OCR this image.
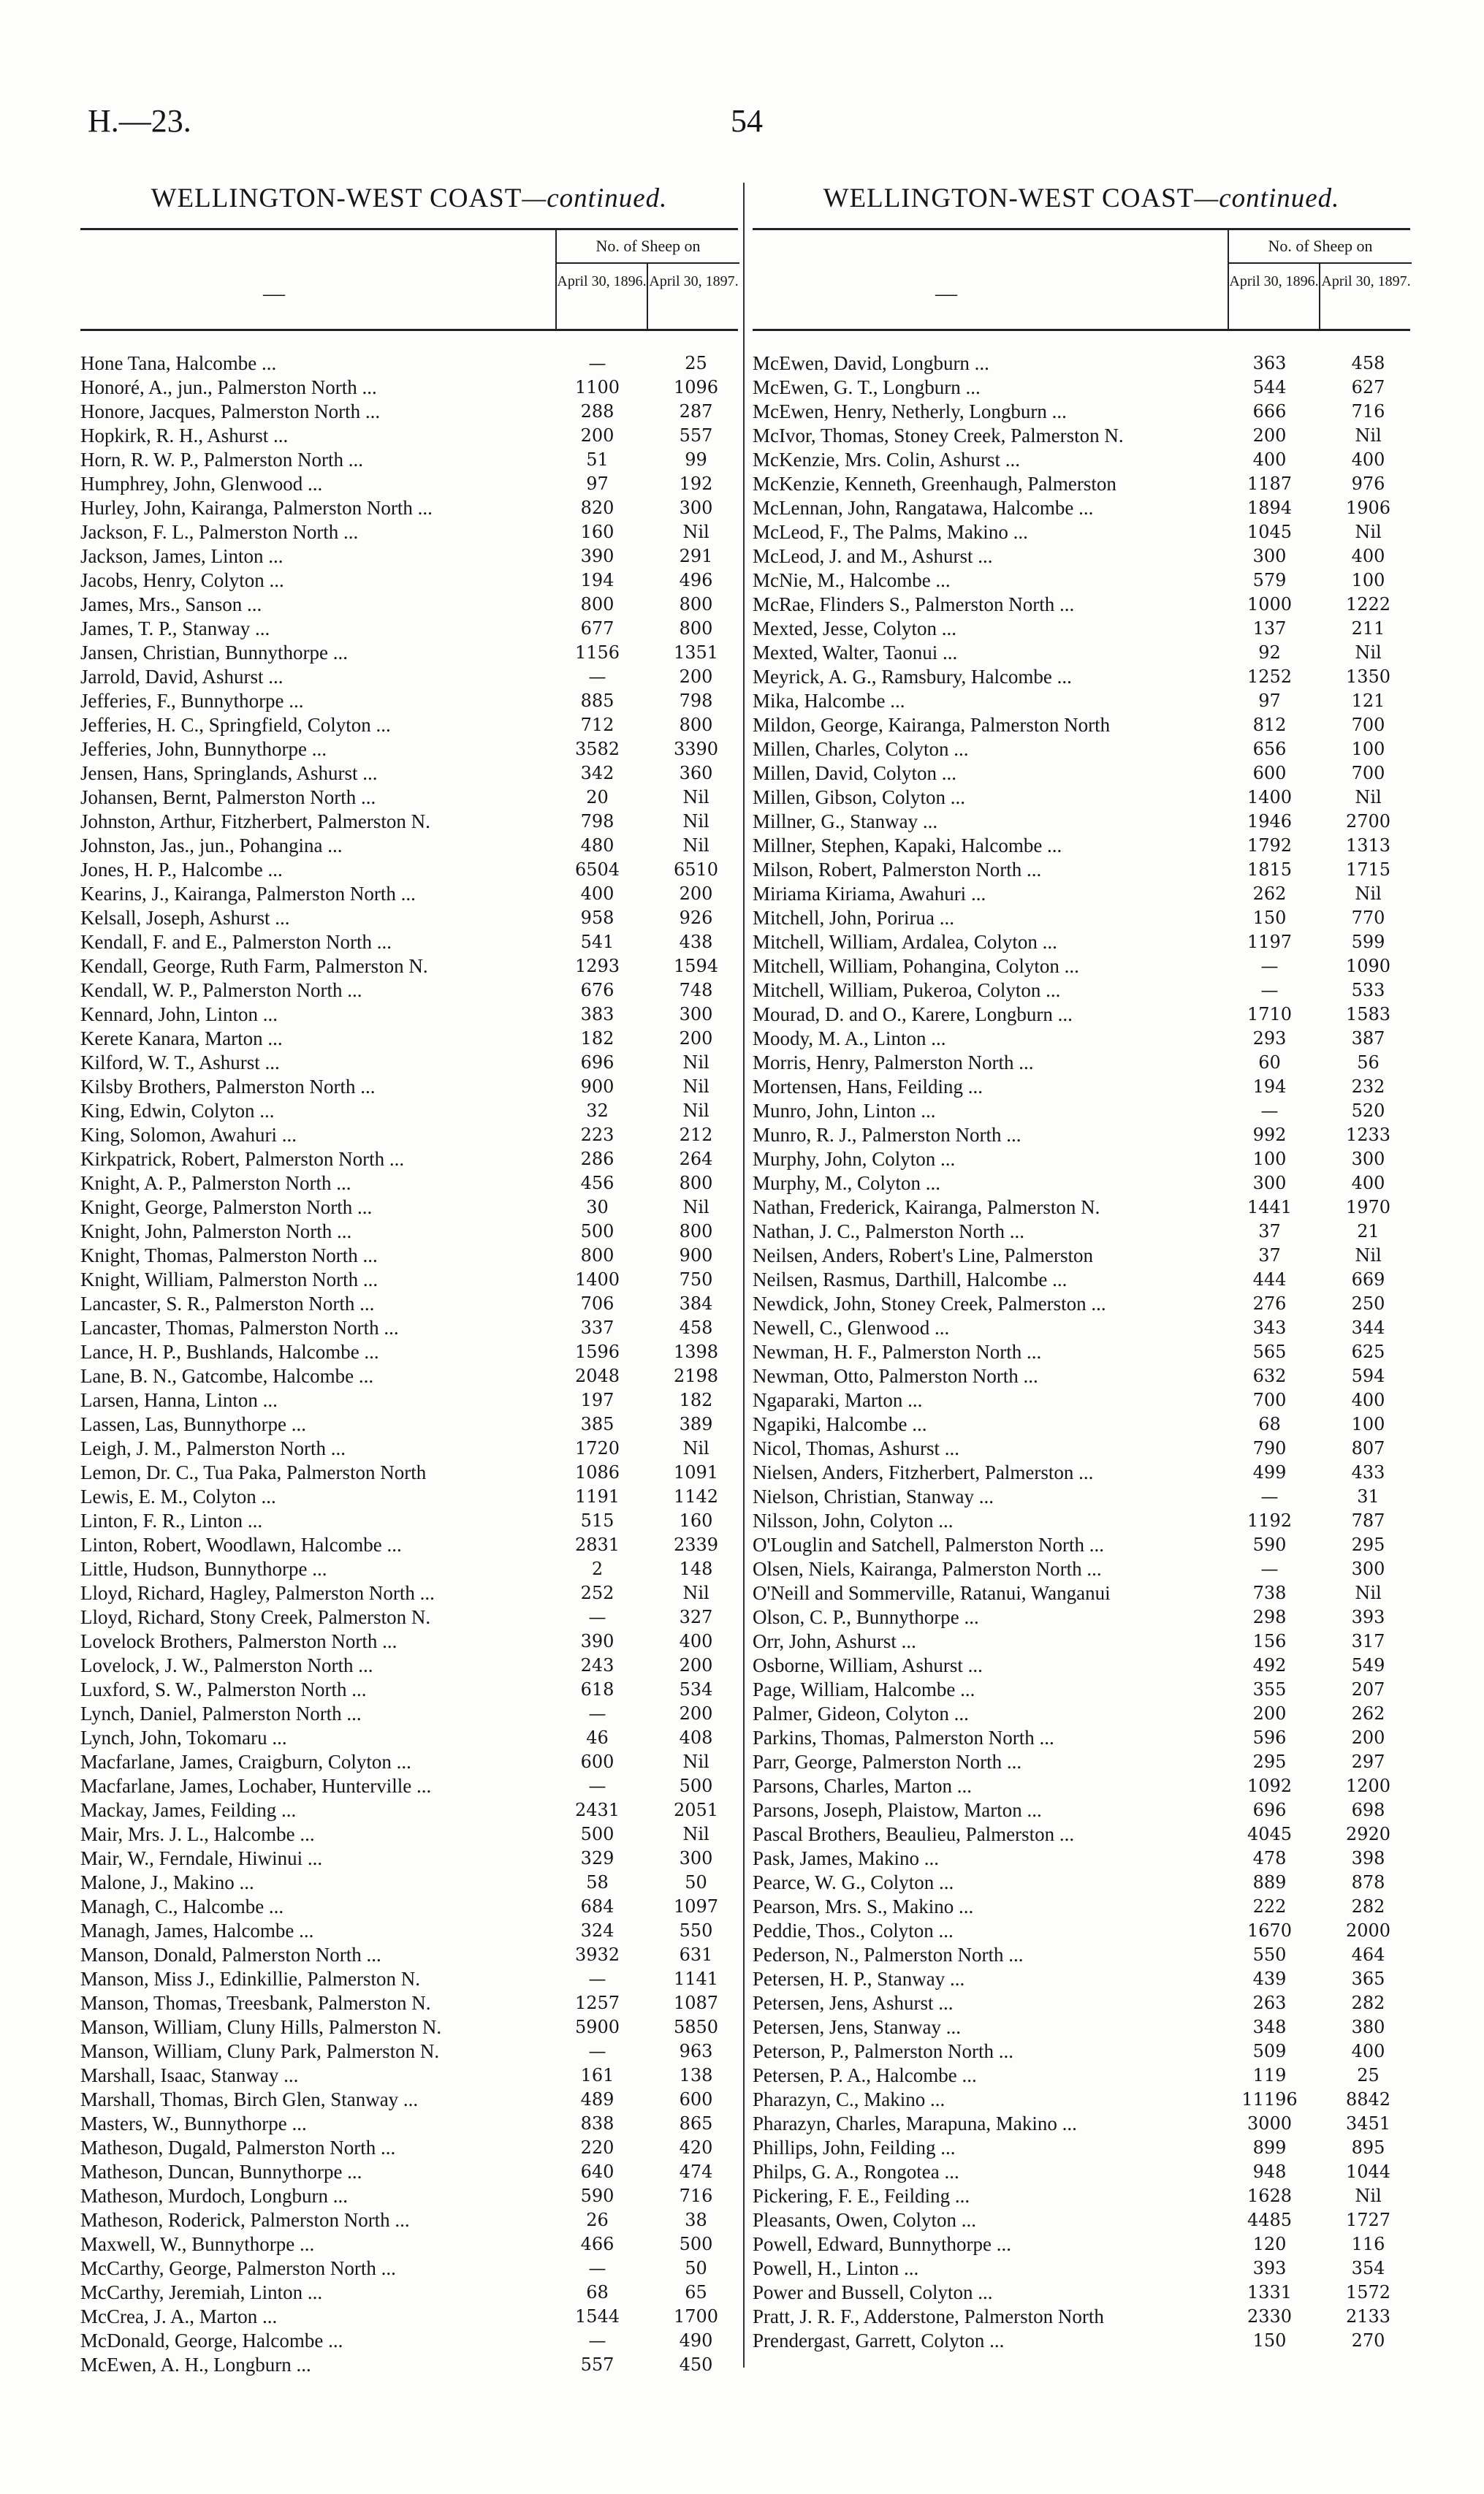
H.—23.	54
WELLINGTON-WEST COAST—continued.
—
No. of Sheep on
April 30, 1896. April 30, 1897.
Hone Tana, Halcombe ...	—	25
Honoré, A., jun., Palmerston North ...	1100	1096
Honore, Jacques, Palmerston North ...	288	287
Hopkirk, R. H., Ashurst ...	200	557
Horn, R. W. P., Palmerston North ...	51	99
Humphrey, John, Glenwood ...	97	192
Hurley, John, Kairanga, Palmerston North ...	820	300
Jackson, F. L., Palmerston North ...	160	Nil
Jackson, James, Linton ...	390	291
Jacobs, Henry, Colyton ...	194	496
James, Mrs., Sanson ...	800	800
James, T. P., Stanway ...	677	800
Jansen, Christian, Bunnythorpe ...	1156	1351
Jarrold, David, Ashurst ...	—	200
Jefferies, F., Bunnythorpe ...	885	798
Jefferies, H. C., Springfield, Colyton ...	712	800
Jefferies, John, Bunnythorpe ...	3582	3390
Jensen, Hans, Springlands, Ashurst ...	342	360
Johansen, Bernt, Palmerston North ...	20	Nil
Johnston, Arthur, Fitzherbert, Palmerston N.	798	Nil
Johnston, Jas., jun., Pohangina ...	480	Nil
Jones, H. P., Halcombe ...	6504	6510
Kearins, J., Kairanga, Palmerston North ...	400	200
Kelsall, Joseph, Ashurst ...	958	926
Kendall, F. and E., Palmerston North ...	541	438
Kendall, George, Ruth Farm, Palmerston N.	1293	1594
Kendall, W. P., Palmerston North ...	676	748
Kennard, John, Linton ...	383	300
Kerete Kanara, Marton ...	182	200
Kilford, W. T., Ashurst ...	696	Nil
Kilsby Brothers, Palmerston North ...	900	Nil
King, Edwin, Colyton ...	32	Nil
King, Solomon, Awahuri ...	223	212
Kirkpatrick, Robert, Palmerston North ...	286	264
Knight, A. P., Palmerston North ...	456	800
Knight, George, Palmerston North ...	30	Nil
Knight, John, Palmerston North ...	500	800
Knight, Thomas, Palmerston North ...	800	900
Knight, William, Palmerston North ...	1400	750
Lancaster, S. R., Palmerston North ...	706	384
Lancaster, Thomas, Palmerston North ...	337	458
Lance, H. P., Bushlands, Halcombe ...	1596	1398
Lane, B. N., Gatcombe, Halcombe ...	2048	2198
Larsen, Hanna, Linton ...	197	182
Lassen, Las, Bunnythorpe ...	385	389
Leigh, J. M., Palmerston North ...	1720	Nil
Lemon, Dr. C., Tua Paka, Palmerston North	1086	1091
Lewis, E. M., Colyton ...	1191	1142
Linton, F. R., Linton ...	515	160
Linton, Robert, Woodlawn, Halcombe ...	2831	2339
Little, Hudson, Bunnythorpe ...	2	148
Lloyd, Richard, Hagley, Palmerston North ...	252	Nil
Lloyd, Richard, Stony Creek, Palmerston N.	—	327
Lovelock Brothers, Palmerston North ...	390	400
Lovelock, J. W., Palmerston North ...	243	200
Luxford, S. W., Palmerston North ...	618	534
Lynch, Daniel, Palmerston North ...	—	200
Lynch, John, Tokomaru ...	46	408
Macfarlane, James, Craigburn, Colyton ...	600	Nil
Macfarlane, James, Lochaber, Hunterville ...	—	500
Mackay, James, Feilding ...	2431	2051
Mair, Mrs. J. L., Halcombe ...	500	Nil
Mair, W., Ferndale, Hiwinui ...	329	300
Malone, J., Makino ...	58	50
Managh, C., Halcombe ...	684	1097
Managh, James, Halcombe ...	324	550
Manson, Donald, Palmerston North ...	3932	631
Manson, Miss J., Edinkillie, Palmerston N.	—	1141
Manson, Thomas, Treesbank, Palmerston N.	1257	1087
Manson, William, Cluny Hills, Palmerston N.	5900	5850
Manson, William, Cluny Park, Palmerston N.	—	963
Marshall, Isaac, Stanway ...	161	138
Marshall, Thomas, Birch Glen, Stanway ...	489	600
Masters, W., Bunnythorpe ...	838	865
Matheson, Dugald, Palmerston North ...	220	420
Matheson, Duncan, Bunnythorpe ...	640	474
Matheson, Murdoch, Longburn ...	590	716
Matheson, Roderick, Palmerston North ...	26	38
Maxwell, W., Bunnythorpe ...	466	500
McCarthy, George, Palmerston North ...	—	50
McCarthy, Jeremiah, Linton ...	68	65
McCrea, J. A., Marton ...	1544	1700
McDonald, George, Halcombe ...	—	490
McEwen, A. H., Longburn ...	557	450
WELLINGTON-WEST COAST—continued.
—
No. of Sheep on
April 30, 1896. April 30, 1897.
McEwen, David, Longburn ...	363	458
McEwen, G. T., Longburn ...	544	627
McEwen, Henry, Netherly, Longburn ...	666	716
McIvor, Thomas, Stoney Creek, Palmerston N.	200	Nil
McKenzie, Mrs. Colin, Ashurst ...	400	400
McKenzie, Kenneth, Greenhaugh, Palmerston	1187	976
McLennan, John, Rangatawa, Halcombe ...	1894	1906
McLeod, F., The Palms, Makino ...	1045	Nil
McLeod, J. and M., Ashurst ...	300	400
McNie, M., Halcombe ...	579	100
McRae, Flinders S., Palmerston North ...	1000	1222
Mexted, Jesse, Colyton ...	137	211
Mexted, Walter, Taonui ...	92	Nil
Meyrick, A. G., Ramsbury, Halcombe ...	1252	1350
Mika, Halcombe ...	97	121
Mildon, George, Kairanga, Palmerston North	812	700
Millen, Charles, Colyton ...	656	100
Millen, David, Colyton ...	600	700
Millen, Gibson, Colyton ...	1400	Nil
Millner, G., Stanway ...	1946	2700
Millner, Stephen, Kapaki, Halcombe ...	1792	1313
Milson, Robert, Palmerston North ...	1815	1715
Miriama Kiriama, Awahuri ...	262	Nil
Mitchell, John, Porirua ...	150	770
Mitchell, William, Ardalea, Colyton ...	1197	599
Mitchell, William, Pohangina, Colyton ...	—	1090
Mitchell, William, Pukeroa, Colyton ...	—	533
Mourad, D. and O., Karere, Longburn ...	1710	1583
Moody, M. A., Linton ...	293	387
Morris, Henry, Palmerston North ...	60	56
Mortensen, Hans, Feilding ...	194	232
Munro, John, Linton ...	—	520
Munro, R. J., Palmerston North ...	992	1233
Murphy, John, Colyton ...	100	300
Murphy, M., Colyton ...	300	400
Nathan, Frederick, Kairanga, Palmerston N.	1441	1970
Nathan, J. C., Palmerston North ...	37	21
Neilsen, Anders, Robert's Line, Palmerston	37	Nil
Neilsen, Rasmus, Darthill, Halcombe ...	444	669
Newdick, John, Stoney Creek, Palmerston ...	276	250
Newell, C., Glenwood ...	343	344
Newman, H. F., Palmerston North ...	565	625
Newman, Otto, Palmerston North ...	632	594
Ngaparaki, Marton ...	700	400
Ngapiki, Halcombe ...	68	100
Nicol, Thomas, Ashurst ...	790	807
Nielsen, Anders, Fitzherbert, Palmerston ...	499	433
Nielson, Christian, Stanway ...	—	31
Nilsson, John, Colyton ...	1192	787
O'Louglin and Satchell, Palmerston North ...	590	295
Olsen, Niels, Kairanga, Palmerston North ...	—	300
O'Neill and Sommerville, Ratanui, Wanganui	738	Nil
Olson, C. P., Bunnythorpe ...	298	393
Orr, John, Ashurst ...	156	317
Osborne, William, Ashurst ...	492	549
Page, William, Halcombe ...	355	207
Palmer, Gideon, Colyton ...	200	262
Parkins, Thomas, Palmerston North ...	596	200
Parr, George, Palmerston North ...	295	297
Parsons, Charles, Marton ...	1092	1200
Parsons, Joseph, Plaistow, Marton ...	696	698
Pascal Brothers, Beaulieu, Palmerston ...	4045	2920
Pask, James, Makino ...	478	398
Pearce, W. G., Colyton ...	889	878
Pearson, Mrs. S., Makino ...	222	282
Peddie, Thos., Colyton ...	1670	2000
Pederson, N., Palmerston North ...	550	464
Petersen, H. P., Stanway ...	439	365
Petersen, Jens, Ashurst ...	263	282
Petersen, Jens, Stanway ...	348	380
Peterson, P., Palmerston North ...	509	400
Petersen, P. A., Halcombe ...	119	25
Pharazyn, C., Makino ...	11196	8842
Pharazyn, Charles, Marapuna, Makino ...	3000	3451
Phillips, John, Feilding ...	899	895
Philps, G. A., Rongotea ...	948	1044
Pickering, F. E., Feilding ...	1628	Nil
Pleasants, Owen, Colyton ...	4485	1727
Powell, Edward, Bunnythorpe ...	120	116
Powell, H., Linton ...	393	354
Power and Bussell, Colyton ...	1331	1572
Pratt, J. R. F., Adderstone, Palmerston North	2330	2133
Prendergast, Garrett, Colyton ...	150	270
